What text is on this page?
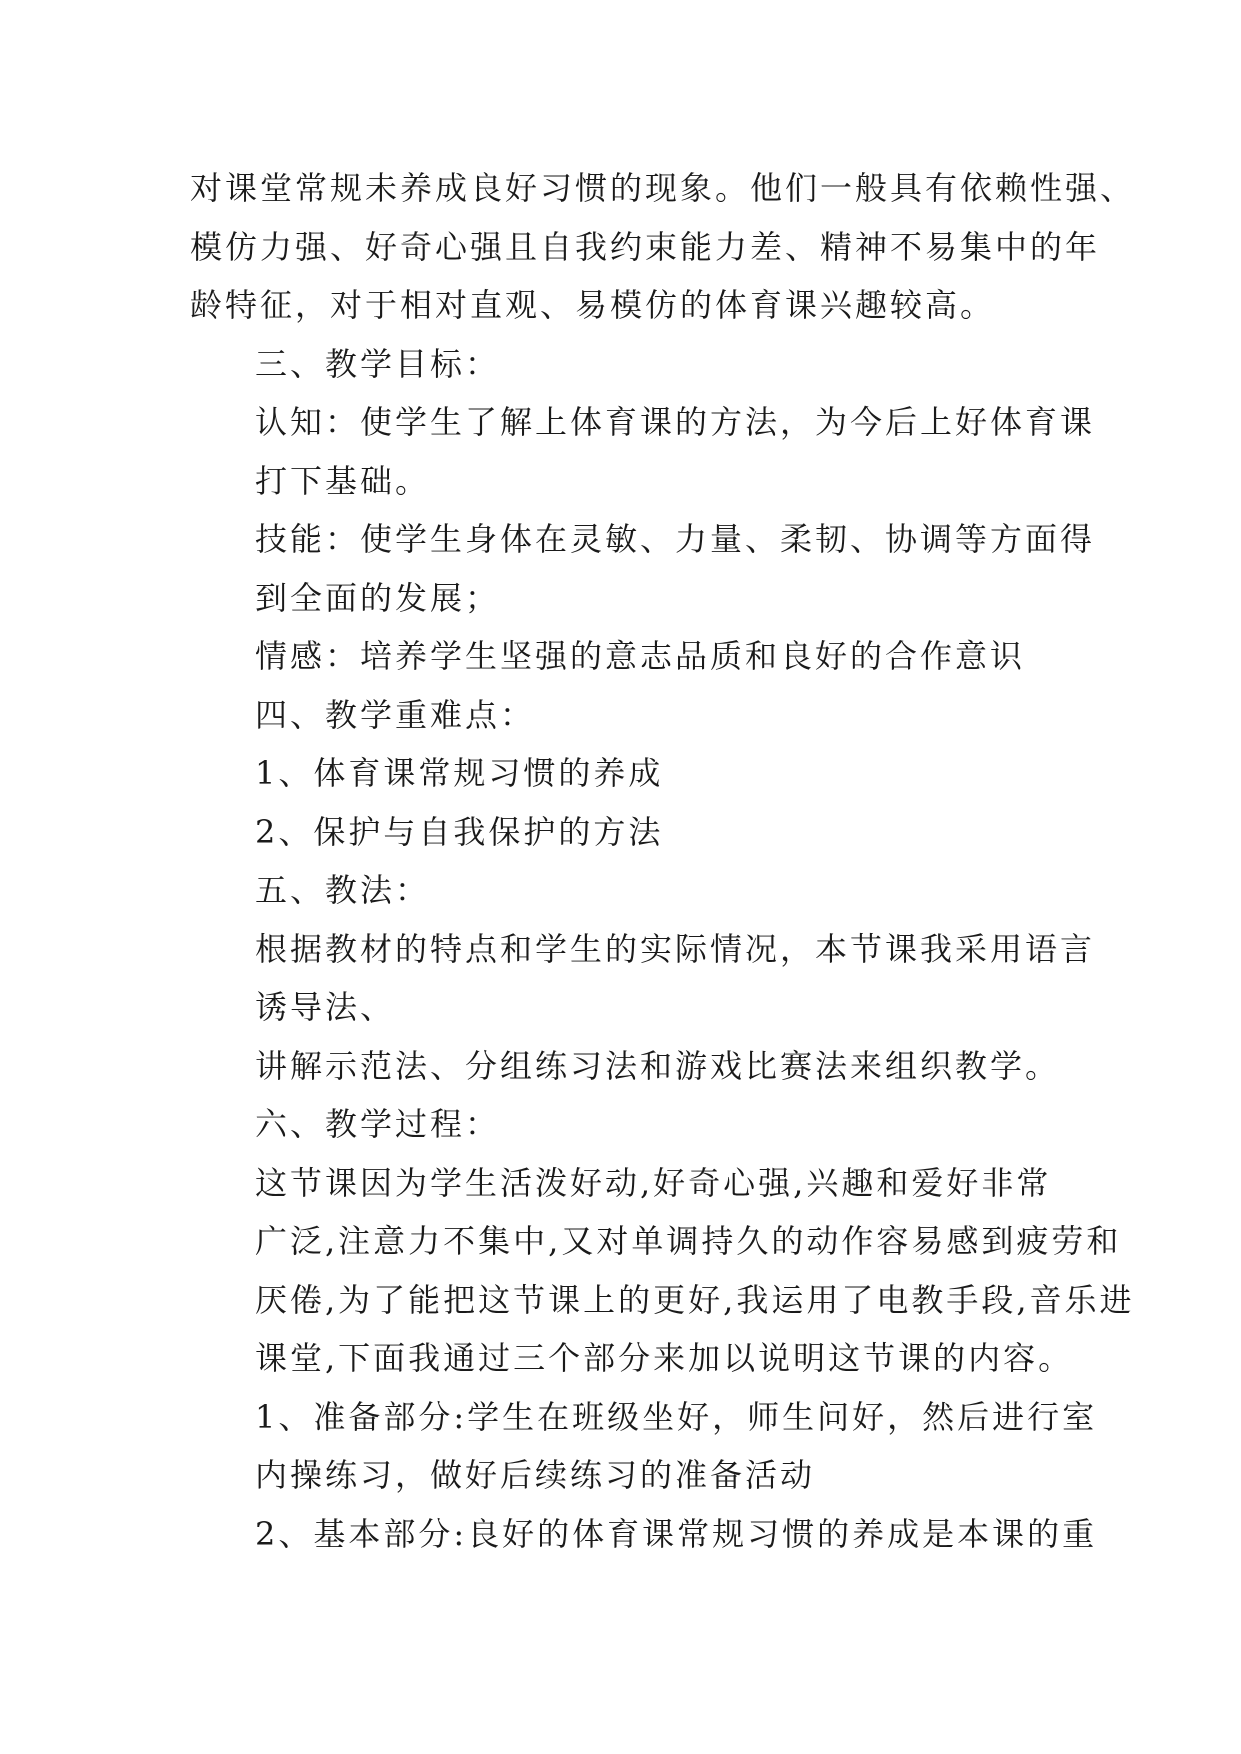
对课堂常规未养成良好习惯的现象。他们一般具有依赖性强、
模仿力强、好奇心强且自我约束能力差、精神不易集中的年
龄特征，对于相对直观、易模仿的体育课兴趣较高。

三、教学目标：

认知：使学生了解上体育课的方法，为今后上好体育课
打下基础。

技能：使学生身体在灵敏、力量、柔韧、协调等方面得
到全面的发展；

情感：培养学生坚强的意志品质和良好的合作意识

四、教学重难点：

1、体育课常规习惯的养成

2、保护与自我保护的方法

五、教法：

根据教材的特点和学生的实际情况，本节课我采用语言
诱导法、

讲解示范法、分组练习法和游戏比赛法来组织教学。

六、教学过程：

这节课因为学生活泼好动,好奇心强,兴趣和爱好非常
广泛,注意力不集中,又对单调持久的动作容易感到疲劳和
厌倦,为了能把这节课上的更好,我运用了电教手段,音乐进
课堂,下面我通过三个部分来加以说明这节课的内容。

1、准备部分:学生在班级坐好，师生问好，然后进行室
内操练习，做好后续练习的准备活动

2、基本部分:良好的体育课常规习惯的养成是本课的重
